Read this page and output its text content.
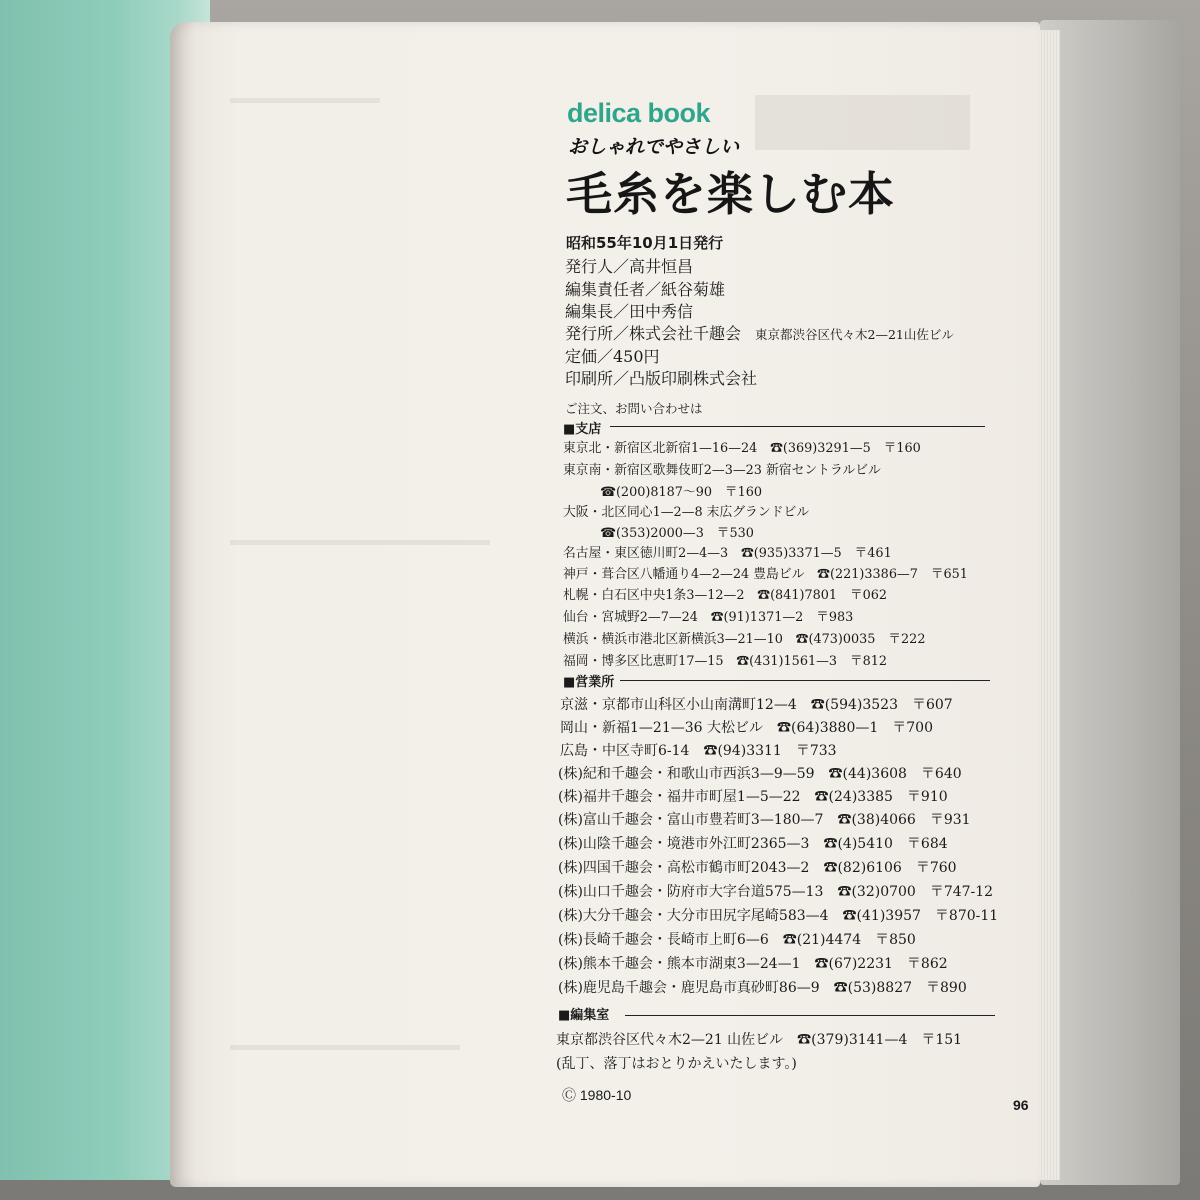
delica book
おしゃれでやさしい
毛糸を楽しむ本
昭和55年10月1日発行
発行人／高井恒昌
編集責任者／紙谷菊雄
編集長／田中秀信
発行所／株式会社千趣会 東京都渋谷区代々木2—21山佐ビル
定価／450円
印刷所／凸版印刷株式会社
ご注文、お問い合わせは
■支店
東京北・新宿区北新宿1—16—24　☎(369)3291—5　〒160
東京南・新宿区歌舞伎町2—3—23 新宿セントラルビル
☎(200)8187～90　〒160
大阪・北区同心1—2—8 末広グランドビル
☎(353)2000—3　〒530
名古屋・東区徳川町2—4—3　☎(935)3371—5　〒461
神戸・葺合区八幡通り4—2—24 豊島ビル　☎(221)3386—7　〒651
札幌・白石区中央1条3—12—2　☎(841)7801　〒062
仙台・宮城野2—7—24　☎(91)1371—2　〒983
横浜・横浜市港北区新横浜3—21—10　☎(473)0035　〒222
福岡・博多区比恵町17—15　☎(431)1561—3　〒812
■営業所
京滋・京都市山科区小山南溝町12—4　☎(594)3523　〒607
岡山・新福1—21—36 大松ビル　☎(64)3880—1　〒700
広島・中区寺町6-14　☎(94)3311　〒733
(株)紀和千趣会・和歌山市西浜3—9—59　☎(44)3608　〒640
(株)福井千趣会・福井市町屋1—5—22　☎(24)3385　〒910
(株)富山千趣会・富山市豊若町3—180—7　☎(38)4066　〒931
(株)山陰千趣会・境港市外江町2365—3　☎(4)5410　〒684
(株)四国千趣会・高松市鶴市町2043—2　☎(82)6106　〒760
(株)山口千趣会・防府市大字台道575—13　☎(32)0700　〒747-12
(株)大分千趣会・大分市田尻字尾崎583—4　☎(41)3957　〒870-11
(株)長崎千趣会・長崎市上町6—6　☎(21)4474　〒850
(株)熊本千趣会・熊本市湖東3—24—1　☎(67)2231　〒862
(株)鹿児島千趣会・鹿児島市真砂町86—9　☎(53)8827　〒890
■編集室
東京都渋谷区代々木2—21 山佐ビル　☎(379)3141—4　〒151
(乱丁、落丁はおとりかえいたします。)
Ⓒ 1980-10
96
